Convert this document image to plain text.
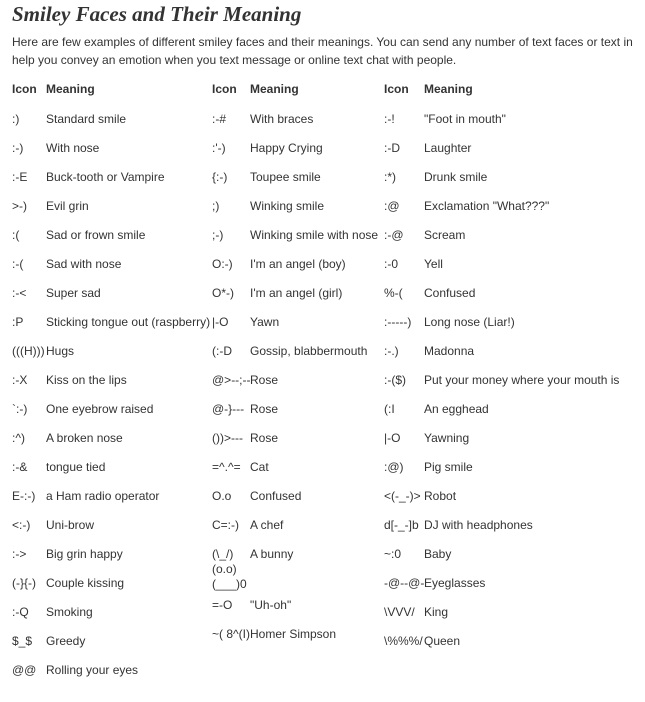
Smiley Faces and Their Meaning
Here are few examples of different smiley faces and their meanings. You can send any number of text faces or text in
help you convey an emotion when you text message or online text chat with people.
Icon Meaning
:) Standard smile
:-) With nose
:-E Buck-tooth or Vampire
>-) Evil grin
:( Sad or frown smile
:-( Sad with nose
:-< Super sad
:P Sticking tongue out (raspberry)
(((H))) Hugs
:-X Kiss on the lips
`:-) One eyebrow raised
:^) A broken nose
:-& tongue tied
E-:-) a Ham radio operator
<:-) Uni-brow
:-> Big grin happy
(-}{-) Couple kissing
:-Q Smoking
$_$ Greedy
@@ Rolling your eyes
Icon Meaning
:-# With braces
:'-) Happy Crying
{:-) Toupee smile
;)	Winking smile
;-) Winking smile with nose
O:-) I'm an angel (boy)
O*-) I'm an angel (girl)
|-O Yawn
(:-D Gossip, blabbermouth
@>--;-- Rose
@-}--- Rose
())>--- Rose
=^.^= Cat
O.o Confused
C=:-) A chef
(\_/) A bunny
(o.o)
(___)0
=-O "Uh-oh"
~( 8^(I) Homer Simpson
Icon Meaning
:-! "Foot in mouth"
:-D Laughter
:*) Drunk smile
:@ Exclamation "What???"
:-@ Scream
:-0 Yell
%-( Confused
:-----) Long nose (Liar!)
:-.) Madonna
:-($) Put your money where your mouth is
(:I An egghead
|-O Yawning
:@) Pig smile
<(-_-)> Robot
d[-_-]b DJ with headphones
~:0 Baby
-@--@- Eyeglasses
\VVV/ King
\%%%/ Queen
